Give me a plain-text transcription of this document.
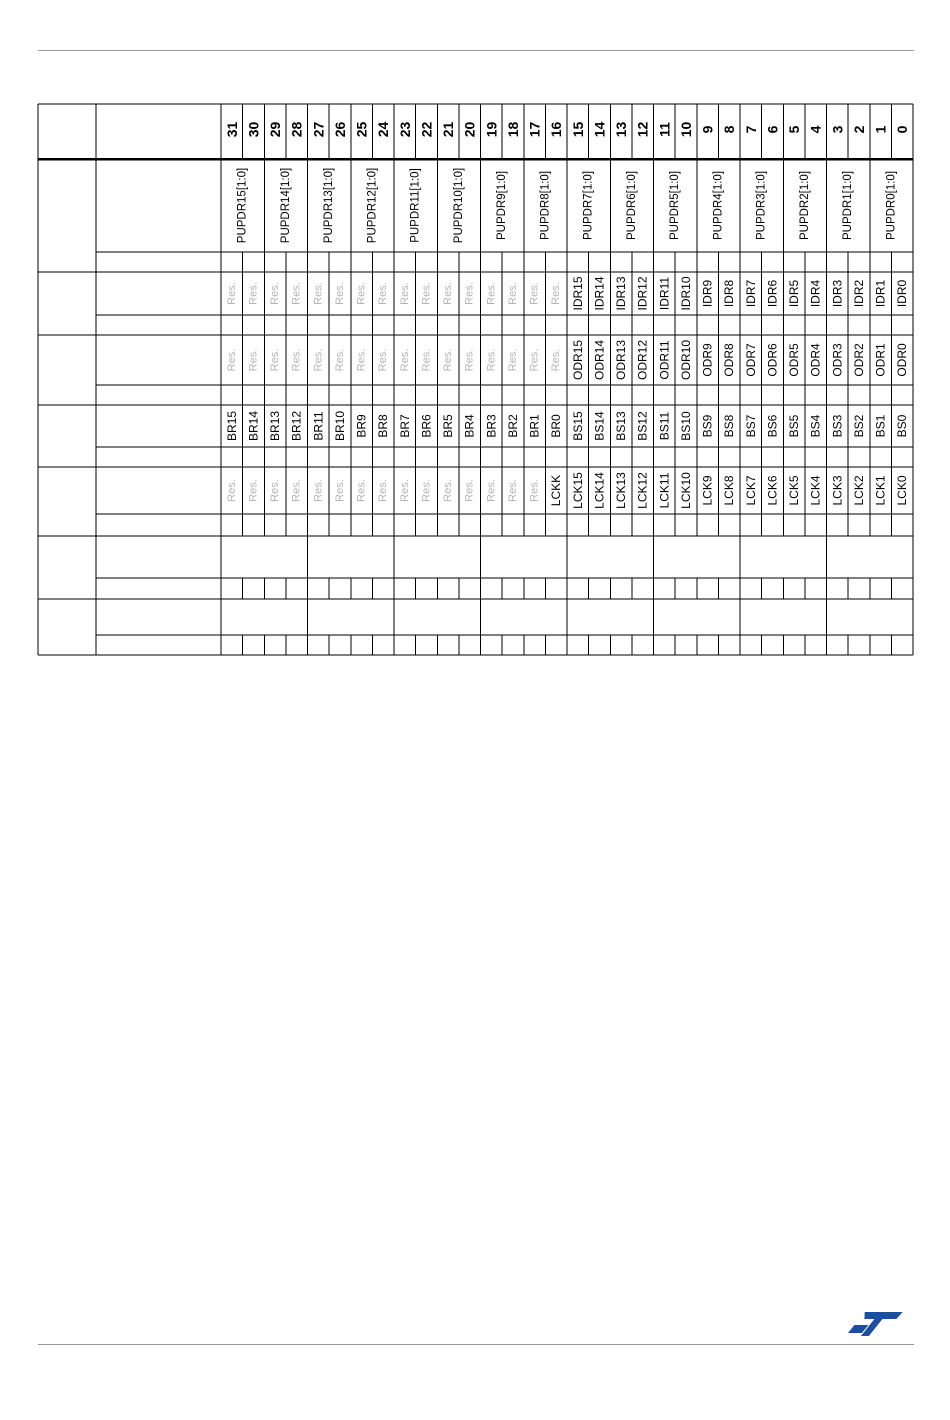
31 30 29 28 27 26 25 24 23 22 21 20 19 18 17 16 15 14 13 12 11 10 9 8 7 6 5 4 3 2 1 0
PUPDR15[1:0]	PUPDR14[1:0]	PUPDR13[1:0]	PUPDR12[1:0]	PUPDR11[1:0]	PUPDR10[1:0]	PUPDR9[1:0]	PUPDR8[1:0]	PUPDR7[1:0]	PUPDR6[1:0]	PUPDR5[1:0]	PUPDR4[1:0]	PUPDR3[1:0]	PUPDR2[1:0]	PUPDR1[1:0]	PUPDR0[1:0]
Res. Res. Res. Res. Res. Res. Res. Res. Res. Res. Res. Res. Res. Res. Res. Res. IDR15 IDR14 IDR13 IDR12 IDR11 IDR10 IDR9 IDR8 IDR7 IDR6 IDR5 IDR4 IDR3 IDR2 IDR1 IDR0
Res. Res. Res. Res. Res. Res. Res. Res. Res. Res. Res. Res. Res. Res. Res. Res. ODR15 ODR14 ODR13 ODR12 ODR11 ODR10 ODR9 ODR8 ODR7 ODR6 ODR5 ODR4 ODR3 ODR2 ODR1 ODR0
BR15 BR14 BR13 BR12 BR11 BR10 BR9 BR8 BR7 BR6 BR5 BR4 BR3 BR2 BR1 BR0 BS15 BS14 BS13 BS12 BS11 BS10 BS9 BS8 BS7 BS6 BS5 BS4 BS3 BS2 BS1 BS0
Res. Res. Res. Res. Res. Res. Res. Res. Res. Res. Res. Res. Res. Res. Res. LCKK LCK15 LCK14 LCK13 LCK12 LCK11 LCK10 LCK9 LCK8 LCK7 LCK6 LCK5 LCK4 LCK3 LCK2 LCK1 LCK0
